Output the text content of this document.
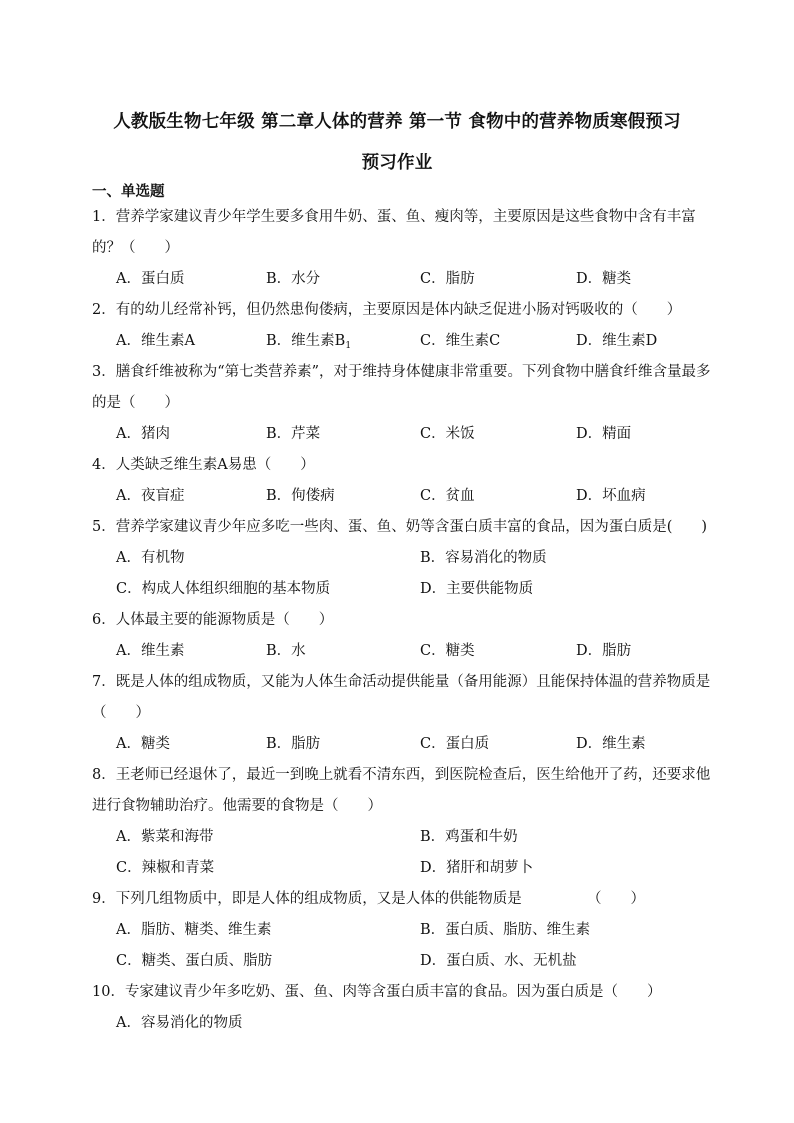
人教版生物七年级 第二章人体的营养 第一节 食物中的营养物质寒假预习
预习作业
一、单选题
1．营养学家建议青少年学生要多食用牛奶、蛋、鱼、瘦肉等，主要原因是这些食物中含有丰富的？（　　）
A．蛋白质	B．水分	C．脂肪	D．糖类
2．有的幼儿经常补钙，但仍然患佝偻病，主要原因是体内缺乏促进小肠对钙吸收的（　　）
A．维生素A	B．维生素$B_1$	C．维生素C	D．维生素D
3．膳食纤维被称为“第七类营养素”，对于维持身体健康非常重要。下列食物中膳食纤维含量最多的是（　　）
A．猪肉	B．芹菜	C．米饭	D．精面
4．人类缺乏维生素A易患（　　）
A．夜盲症	B．佝偻病	C．贫血	D．坏血病
5．营养学家建议青少年应多吃一些肉、蛋、鱼、奶等含蛋白质丰富的食品，因为蛋白质是(　　)
A．有机物	B．容易消化的物质
C．构成人体组织细胞的基本物质	D．主要供能物质
6．人体最主要的能源物质是（　　）
A．维生素	B．水	C．糖类	D．脂肪
7．既是人体的组成物质，又能为人体生命活动提供能量（备用能源）且能保持体温的营养物质是（　　）
A．糖类	B．脂肪	C．蛋白质	D．维生素
8．王老师已经退休了，最近一到晚上就看不清东西，到医院检查后，医生给他开了药，还要求他进行食物辅助治疗。他需要的食物是（　　）
A．紫菜和海带	B．鸡蛋和牛奶
C．辣椒和青菜	D．猪肝和胡萝卜
9．下列几组物质中，即是人体的组成物质，又是人体的供能物质是　　　　　（　　）
A．脂肪、糖类、维生素	B．蛋白质、脂肪、维生素
C．糖类、蛋白质、脂肪	D．蛋白质、水、无机盐
10．专家建议青少年多吃奶、蛋、鱼、肉等含蛋白质丰富的食品。因为蛋白质是（　　）
A．容易消化的物质
